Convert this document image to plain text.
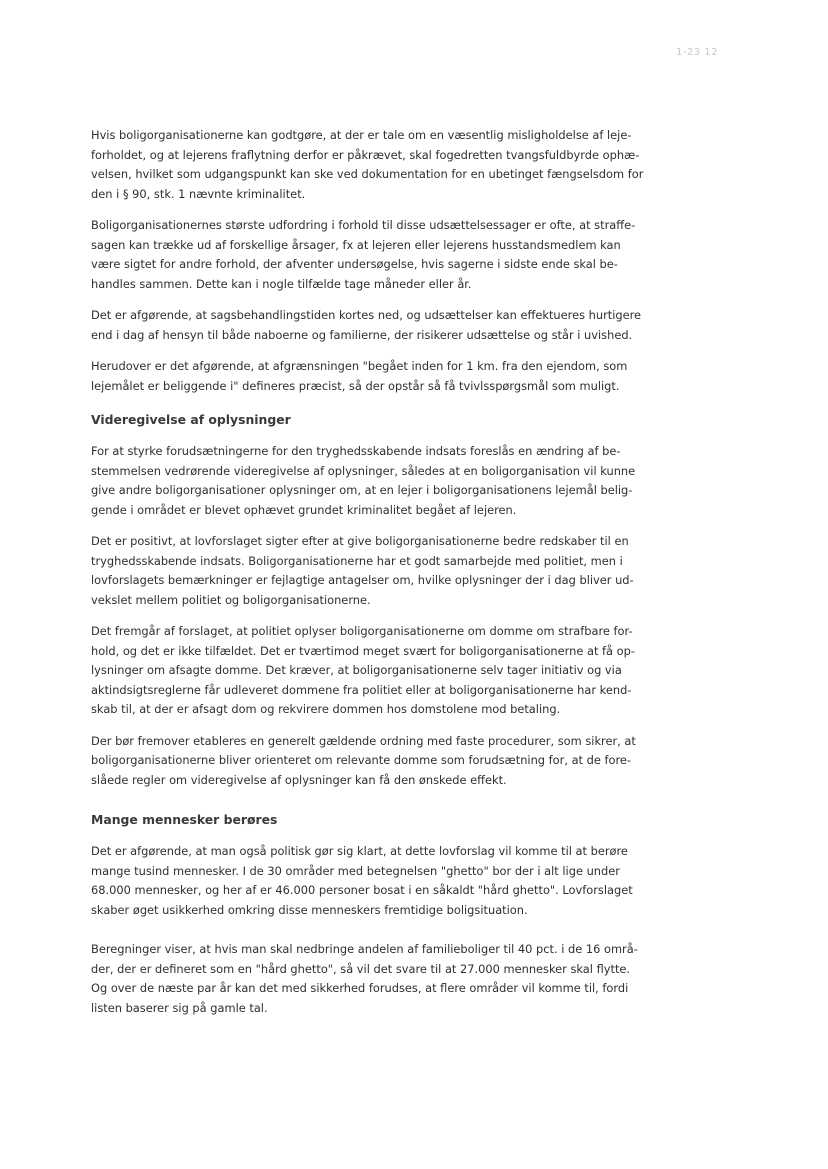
1-23 12
Hvis boligorganisationerne kan godtgøre, at der er tale om en væsentlig misligholdelse af leje-
forholdet, og at lejerens fraflytning derfor er påkrævet, skal fogedretten tvangsfuldbyrde ophæ-
velsen, hvilket som udgangspunkt kan ske ved dokumentation for en ubetinget fængselsdom for
den i § 90, stk. 1 nævnte kriminalitet.
Boligorganisationernes største udfordring i forhold til disse udsættelsessager er ofte, at straffe-
sagen kan trække ud af forskellige årsager, fx at lejeren eller lejerens husstandsmedlem kan
være sigtet for andre forhold, der afventer undersøgelse, hvis sagerne i sidste ende skal be-
handles sammen. Dette kan i nogle tilfælde tage måneder eller år.
Det er afgørende, at sagsbehandlingstiden kortes ned, og udsættelser kan effektueres hurtigere
end i dag af hensyn til både naboerne og familierne, der risikerer udsættelse og står i uvished.
Herudover er det afgørende, at afgrænsningen "begået inden for 1 km. fra den ejendom, som
lejemålet er beliggende i" defineres præcist, så der opstår så få tvivlsspørgsmål som muligt.
Videregivelse af oplysninger
For at styrke forudsætningerne for den tryghedsskabende indsats foreslås en ændring af be-
stemmelsen vedrørende videregivelse af oplysninger, således at en boligorganisation vil kunne
give andre boligorganisationer oplysninger om, at en lejer i boligorganisationens lejemål belig-
gende i området er blevet ophævet grundet kriminalitet begået af lejeren.
Det er positivt, at lovforslaget sigter efter at give boligorganisationerne bedre redskaber til en
tryghedsskabende indsats. Boligorganisationerne har et godt samarbejde med politiet, men i
lovforslagets bemærkninger er fejlagtige antagelser om, hvilke oplysninger der i dag bliver ud-
vekslet mellem politiet og boligorganisationerne.
Det fremgår af forslaget, at politiet oplyser boligorganisationerne om domme om strafbare for-
hold, og det er ikke tilfældet. Det er tværtimod meget svært for boligorganisationerne at få op-
lysninger om afsagte domme. Det kræver, at boligorganisationerne selv tager initiativ og via
aktindsigtsreglerne får udleveret dommene fra politiet eller at boligorganisationerne har kend-
skab til, at der er afsagt dom og rekvirere dommen hos domstolene mod betaling.
Der bør fremover etableres en generelt gældende ordning med faste procedurer, som sikrer, at
boligorganisationerne bliver orienteret om relevante domme som forudsætning for, at de fore-
slåede regler om videregivelse af oplysninger kan få den ønskede effekt.
Mange mennesker berøres
Det er afgørende, at man også politisk gør sig klart, at dette lovforslag vil komme til at berøre
mange tusind mennesker. I de 30 områder med betegnelsen "ghetto" bor der i alt lige under
68.000 mennesker, og her af er 46.000 personer bosat i en såkaldt "hård ghetto". Lovforslaget
skaber øget usikkerhed omkring disse menneskers fremtidige boligsituation.
Beregninger viser, at hvis man skal nedbringe andelen af familieboliger til 40 pct. i de 16 områ-
der, der er defineret som en "hård ghetto", så vil det svare til at 27.000 mennesker skal flytte.
Og over de næste par år kan det med sikkerhed forudses, at flere områder vil komme til, fordi
listen baserer sig på gamle tal.
